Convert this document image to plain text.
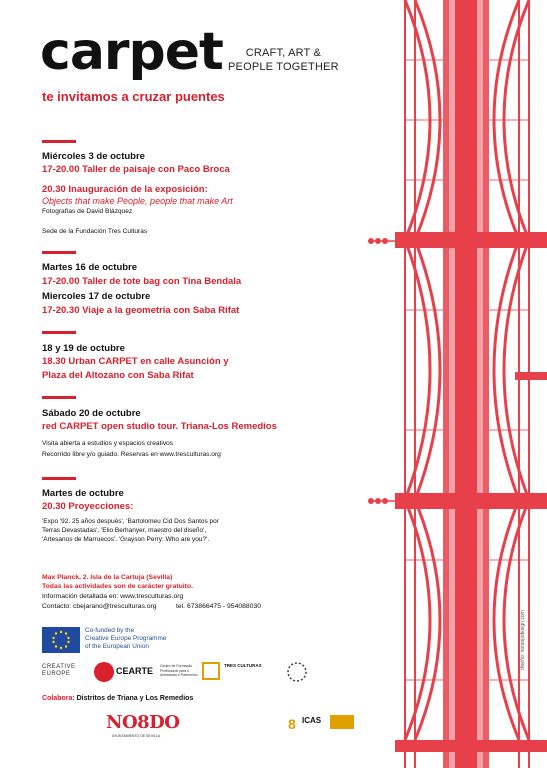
carpet	CRAFT, ART &
PEOPLE TOGETHER
te invitamos a cruzar puentes
diseño: naranjodesign.com
Miércoles 3 de octubre
17-20.00 Taller de paisaje con Paco Broca
20.30 Inauguración de la exposición:
Objects that make People, people that make Art
Fotografías de David Blázquez
Sede de la Fundación Tres Culturas
Martes 16 de octubre
17-20.00 Taller de tote bag con Tina Bendala
Miercoles 17 de octubre
17-20.30 Viaje a la geometría con Saba Rifat
18 y 19 de octubre
18.30 Urban CARPET en calle Asunción y
Plaza del Altozano con Saba Rifat
Sábado 20 de octubre
red CARPET open studio tour. Triana-Los Remedios
Visita abierta a estudios y espacios creativos
Recorrido libre y/o guiado. Reservas en www.tresculturas.org
Martes de octubre
20.30 Proyecciones:
'Expo '92. 25 años después', 'Bartolomeu Cid Dos Santos por
Terras Devastadas', 'Elio Berhanyer, maestro del diseño',
'Artesanos de Marruecos'. 'Grayson Perry: Who are you?'.
Max Planck, 2. Isla de la Cartuja (Sevilla)
Todas las actividades son de carácter gratuito.
Información detallada en: www.tresculturas.org
Contacto: cbejarano@tresculturas.org	tel. 673866475 - 954088030
Co-funded by the
Creative Europe Programme
of the European Union
CREATIVE EUROPE	CEARTE Centro de Formação Profissional para o Artesanato e Património
TRES CULTURAS
Colabora: Distritos de Triana y Los Remedios
NO8DO
AYUNTAMIENTO DE SEVILLA
8 ICAS
